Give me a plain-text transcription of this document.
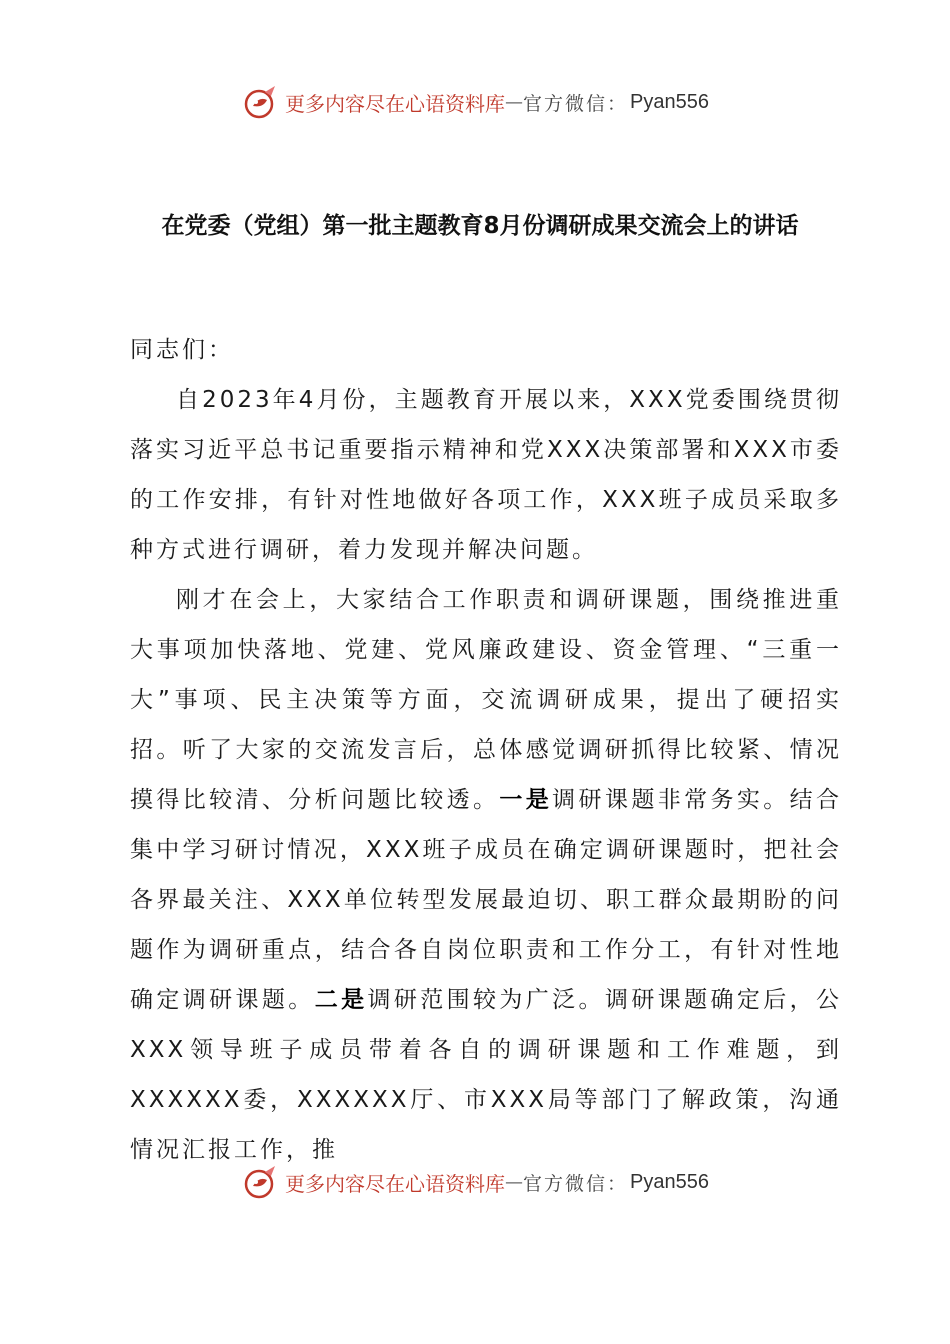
更多内容尽在心语资料库 — 官方微信： Pyan556
在党委（党组）第一批主题教育8月份调研成果交流会上的讲话

同志们：

自2023年4月份，主题教育开展以来，XXX党委围绕贯彻落实习近平总书记重要指示精神和党XXX决策部署和XXX市委的工作安排，有针对性地做好各项工作，XXX班子成员采取多种方式进行调研，着力发现并解决问题。

刚才在会上，大家结合工作职责和调研课题，围绕推进重大事项加快落地、党建、党风廉政建设、资金管理、“三重一大”事项、民主决策等方面，交流调研成果，提出了硬招实招。听了大家的交流发言后，总体感觉调研抓得比较紧、情况摸得比较清、分析问题比较透。一是调研课题非常务实。结合集中学习研讨情况，XXX班子成员在确定调研课题时，把社会各界最关注、XXX单位转型发展最迫切、职工群众最期盼的问题作为调研重点，结合各自岗位职责和工作分工，有针对性地确定调研课题。二是调研范围较为广泛。调研课题确定后，公XXX领导班子成员带着各自的调研课题和工作难题，到XXXXXX委，XXXXXX厅、市XXX局等部门了解政策，沟通情况汇报工作，推

更多内容尽在心语资料库 — 官方微信： Pyan556
